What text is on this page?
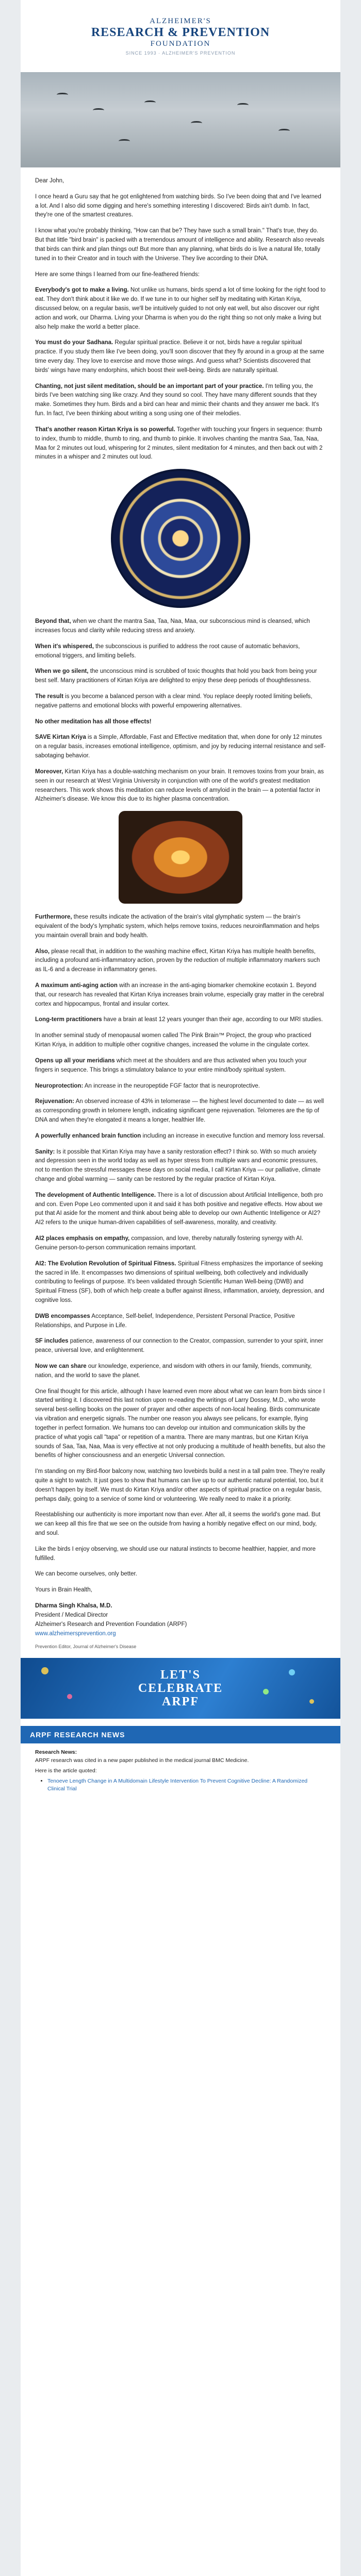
ALZHEIMER'S
RESEARCH & PREVENTION
FOUNDATION
SINCE 1993 · ALZHEIMER'S PREVENTION

Dear John,

I once heard a Guru say that he got enlightened from watching birds. So I've been doing that and I've learned a lot. And I also did some digging and here's something interesting I discovered: Birds ain't dumb. In fact, they're one of the smartest creatures.

I know what you're probably thinking, "How can that be? They have such a small brain." That's true, they do. But that little "bird brain" is packed with a tremendous amount of intelligence and ability. Research also reveals that birds can think and plan things out! But more than any planning, what birds do is live a natural life, totally tuned in to their Creator and in touch with the Universe. They live according to their DNA.

Here are some things I learned from our fine-feathered friends:

Everybody's got to make a living. Not unlike us humans, birds spend a lot of time looking for the right food to eat. They don't think about it like we do. If we tune in to our higher self by meditating with Kirtan Kriya, discussed below, on a regular basis, we'll be intuitively guided to not only eat well, but also discover our right action and work, our Dharma. Living your Dharma is when you do the right thing so not only make a living but also help make the world a better place.

You must do your Sadhana. Regular spiritual practice. Believe it or not, birds have a regular spiritual practice. If you study them like I've been doing, you'll soon discover that they fly around in a group at the same time every day. They love to exercise and move those wings. And guess what? Scientists discovered that birds' wings have many endorphins, which boost their well-being. Birds are naturally spiritual.

Chanting, not just silent meditation, should be an important part of your practice. I'm telling you, the birds I've been watching sing like crazy. And they sound so cool. They have many different sounds that they make. Sometimes they hum. Birds and a bird can hear and mimic their chants and they answer me back. It's fun. In fact, I've been thinking about writing a song using one of their melodies.

That's another reason Kirtan Kriya is so powerful. Together with touching your fingers in sequence: thumb to index, thumb to middle, thumb to ring, and thumb to pinkie. It involves chanting the mantra Saa, Taa, Naa, Maa for 2 minutes out loud, whispering for 2 minutes, silent meditation for 4 minutes, and then back out with 2 minutes in a whisper and 2 minutes out loud.

Beyond that, when we chant the mantra Saa, Taa, Naa, Maa, our subconscious mind is cleansed, which increases focus and clarity while reducing stress and anxiety.

When it's whispered, the subconscious is purified to address the root cause of automatic behaviors, emotional triggers, and limiting beliefs.

When we go silent, the unconscious mind is scrubbed of toxic thoughts that hold you back from being your best self. Many practitioners of Kirtan Kriya are delighted to enjoy these deep periods of thoughtlessness.

The result is you become a balanced person with a clear mind. You replace deeply rooted limiting beliefs, negative patterns and emotional blocks with powerful empowering alternatives.

No other meditation has all those effects!

SAVE Kirtan Kriya is a Simple, Affordable, Fast and Effective meditation that, when done for only 12 minutes on a regular basis, increases emotional intelligence, optimism, and joy by reducing internal resistance and self-sabotaging behavior.

Moreover, Kirtan Kriya has a double-watching mechanism on your brain. It removes toxins from your brain, as seen in our research at West Virginia University in conjunction with one of the world's greatest meditation researchers. This work shows this meditation can reduce levels of amyloid in the brain — a potential factor in Alzheimer's disease. We know this due to its higher plasma concentration.

Furthermore, these results indicate the activation of the brain's vital glymphatic system — the brain's equivalent of the body's lymphatic system, which helps remove toxins, reduces neuroinflammation and helps you maintain overall brain and body health.

Also, please recall that, in addition to the washing machine effect, Kirtan Kriya has multiple health benefits, including a profound anti-inflammatory action, proven by the reduction of multiple inflammatory markers such as IL-6 and a decrease in inflammatory genes.

A maximum anti-aging action with an increase in the anti-aging biomarker chemokine ecotaxin 1. Beyond that, our research has revealed that Kirtan Kriya increases brain volume, especially gray matter in the cerebral cortex and hippocampus, frontal and insular cortex.

Long-term practitioners have a brain at least 12 years younger than their age, according to our MRI studies.

In another seminal study of menopausal women called The Pink Brain™ Project, the group who practiced Kirtan Kriya, in addition to multiple other cognitive changes, increased the volume in the cingulate cortex.

Opens up all your meridians which meet at the shoulders and are thus activated when you touch your fingers in sequence. This brings a stimulatory balance to your entire mind/body spiritual system.

Neuroprotection: An increase in the neuropeptide FGF factor that is neuroprotective.

Rejuvenation: An observed increase of 43% in telomerase — the highest level documented to date — as well as corresponding growth in telomere length, indicating significant gene rejuvenation. Telomeres are the tip of DNA and when they're elongated it means a longer, healthier life.

A powerfully enhanced brain function including an increase in executive function and memory loss reversal.

Sanity: Is it possible that Kirtan Kriya may have a sanity restoration effect? I think so. With so much anxiety and depression seen in the world today as well as hyper stress from multiple wars and economic pressures, not to mention the stressful messages these days on social media, I call Kirtan Kriya — our palliative, climate change and global warming — sanity can be restored by the regular practice of Kirtan Kriya.

The development of Authentic Intelligence. There is a lot of discussion about Artificial Intelligence, both pro and con. Even Pope Leo commented upon it and said it has both positive and negative effects. How about we put that AI aside for the moment and think about being able to develop our own Authentic Intelligence or AI2? AI2 refers to the unique human-driven capabilities of self-awareness, morality, and creativity.

AI2 places emphasis on empathy, compassion, and love, thereby naturally fostering synergy with AI. Genuine person-to-person communication remains important.

AI2: The Evolution Revolution of Spiritual Fitness. Spiritual Fitness emphasizes the importance of seeking the sacred in life. It encompasses two dimensions of spiritual wellbeing, both collectively and individually contributing to feelings of purpose. It's been validated through Scientific Human Well-being (DWB) and Spiritual Fitness (SF), both of which help create a buffer against illness, inflammation, anxiety, depression, and cognitive loss.

DWB encompasses Acceptance, Self-belief, Independence, Persistent Personal Practice, Positive Relationships, and Purpose in Life.

SF includes patience, awareness of our connection to the Creator, compassion, surrender to your spirit, inner peace, universal love, and enlightenment.

Now we can share our knowledge, experience, and wisdom with others in our family, friends, community, nation, and the world to save the planet.

One final thought for this article, although I have learned even more about what we can learn from birds since I started writing it. I discovered this last notion upon re-reading the writings of Larry Dossey, M.D., who wrote several best-selling books on the power of prayer and other aspects of non-local healing. Birds communicate via vibration and energetic signals. The number one reason you always see pelicans, for example, flying together in perfect formation. We humans too can develop our intuition and communication skills by the practice of what yogis call "tapa" or repetition of a mantra. There are many mantras, but one Kirtan Kriya sounds of Saa, Taa, Naa, Maa is very effective at not only producing a multitude of health benefits, but also the benefits of higher consciousness and an energetic Universal connection.

I'm standing on my Bird-floor balcony now, watching two lovebirds build a nest in a tall palm tree. They're really quite a sight to watch. It just goes to show that humans can live up to our authentic natural potential, too, but it doesn't happen by itself. We must do Kirtan Kriya and/or other aspects of spiritual practice on a regular basis, perhaps daily, going to a service of some kind or volunteering. We really need to make it a priority.

Reestablishing our authenticity is more important now than ever. After all, it seems the world's gone mad. But we can keep all this fire that we see on the outside from having a horribly negative effect on our mind, body, and soul.

Like the birds I enjoy observing, we should use our natural instincts to become healthier, happier, and more fulfilled.

We can become ourselves, only better.

Yours in Brain Health,

Dharma Singh Khalsa, M.D.
President / Medical Director
Alzheimer's Research and Prevention Foundation (ARPF)
www.alzheimersprevention.org
Prevention Editor, Journal of Alzheimer's Disease
LET'S
CELEBRATE
ARPF
ARPF RESEARCH NEWS
Research News:
ARPF research was cited in a new paper published in the medical journal BMC Medicine.
Here is the article quoted:
• Tenoeve Length Change in A Multidomain Lifestyle Intervention To Prevent Cognitive Decline: A Randomized Clinical Trial
